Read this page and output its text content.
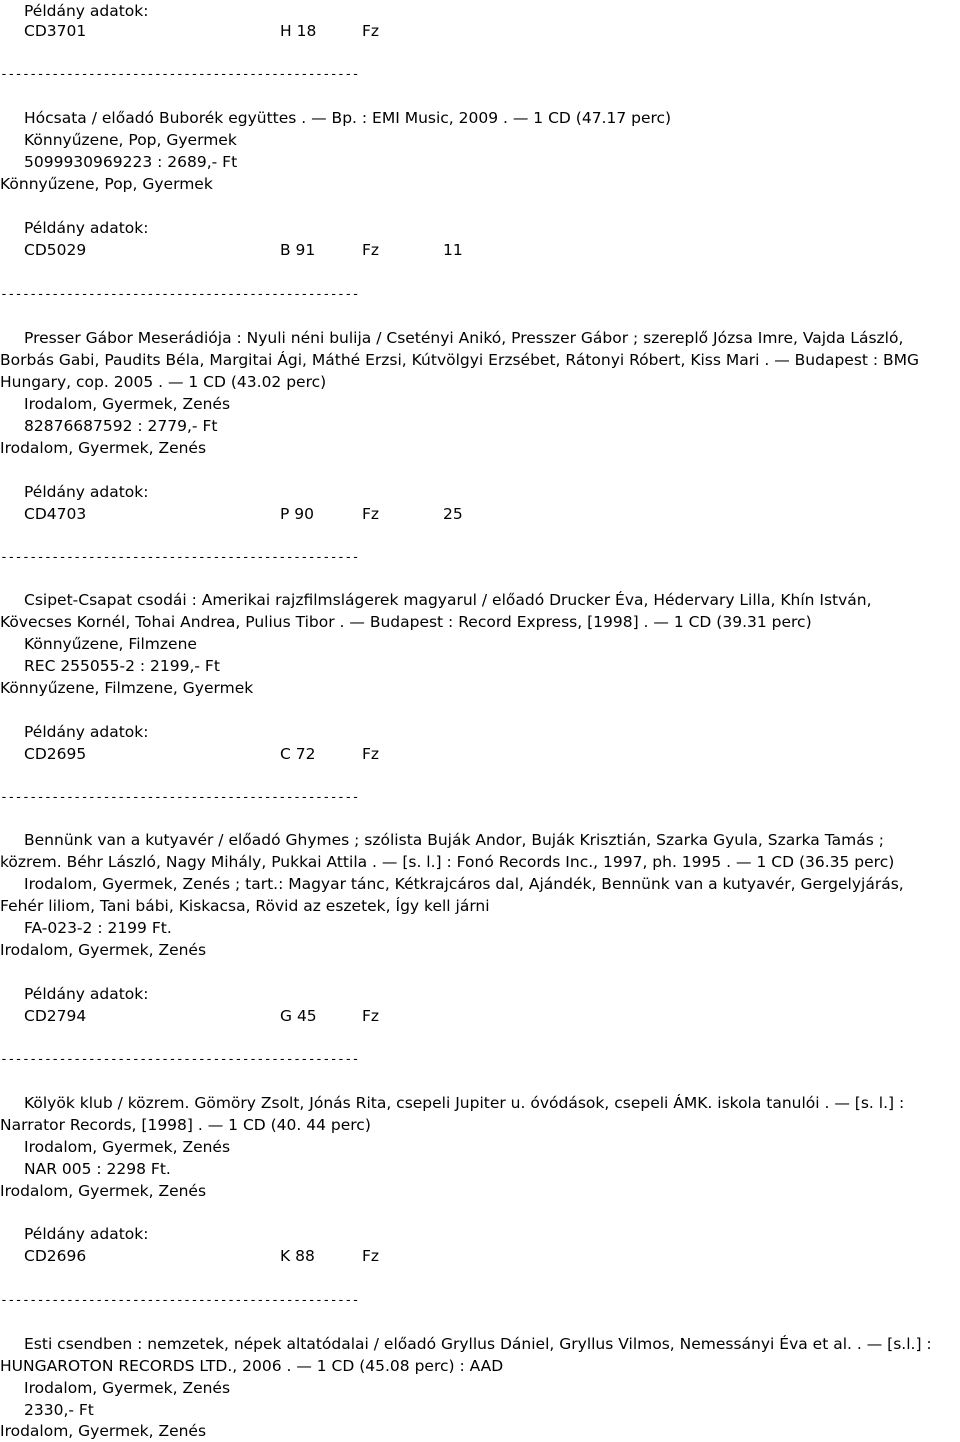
Példány adatok:
CD3701	H 18	Fz
-------------------------------------------------
Hócsata / előadó Buborék együttes . — Bp. : EMI Music, 2009 . — 1 CD (47.17 perc)
Könnyűzene, Pop, Gyermek
5099930969223 : 2689,- Ft
Könnyűzene, Pop, Gyermek
Példány adatok:
CD5029	B 91	Fz	11
-------------------------------------------------
Presser Gábor Meserádiója : Nyuli néni bulija / Csetényi Anikó, Presszer Gábor ; szereplő Józsa Imre, Vajda László,
Borbás Gabi, Paudits Béla, Margitai Ági, Máthé Erzsi, Kútvölgyi Erzsébet, Rátonyi Róbert, Kiss Mari . — Budapest : BMG
Hungary, cop. 2005 . — 1 CD (43.02 perc)
Irodalom, Gyermek, Zenés
82876687592 : 2779,- Ft
Irodalom, Gyermek, Zenés
Példány adatok:
CD4703	P 90	Fz	25
-------------------------------------------------
Csipet-Csapat csodái : Amerikai rajzfilmslágerek magyarul / előadó Drucker Éva, Hédervary Lilla, Khín István,
Kövecses Kornél, Tohai Andrea, Pulius Tibor . — Budapest : Record Express, [1998] . — 1 CD (39.31 perc)
Könnyűzene, Filmzene
REC 255055-2 : 2199,- Ft
Könnyűzene, Filmzene, Gyermek
Példány adatok:
CD2695	C 72	Fz
-------------------------------------------------
Bennünk van a kutyavér / előadó Ghymes ; szólista Buják Andor, Buják Krisztián, Szarka Gyula, Szarka Tamás ;
közrem. Béhr László, Nagy Mihály, Pukkai Attila . — [s. l.] : Fonó Records Inc., 1997, ph. 1995 . — 1 CD (36.35 perc)
Irodalom, Gyermek, Zenés ; tart.: Magyar tánc, Kétkrajcáros dal, Ajándék, Bennünk van a kutyavér, Gergelyjárás,
Fehér liliom, Tani bábi, Kiskacsa, Rövid az eszetek, Így kell járni
FA-023-2 : 2199 Ft.
Irodalom, Gyermek, Zenés
Példány adatok:
CD2794	G 45	Fz
-------------------------------------------------
Kölyök klub / közrem. Gömöry Zsolt, Jónás Rita, csepeli Jupiter u. óvódások, csepeli ÁMK. iskola tanulói . — [s. l.] :
Narrator Records, [1998] . — 1 CD (40. 44 perc)
Irodalom, Gyermek, Zenés
NAR 005 : 2298 Ft.
Irodalom, Gyermek, Zenés
Példány adatok:
CD2696	K 88	Fz
-------------------------------------------------
Esti csendben : nemzetek, népek altatódalai / előadó Gryllus Dániel, Gryllus Vilmos, Nemessányi Éva et al. . — [s.l.] :
HUNGAROTON RECORDS LTD., 2006 . — 1 CD (45.08 perc) : AAD
Irodalom, Gyermek, Zenés
2330,- Ft
Irodalom, Gyermek, Zenés
